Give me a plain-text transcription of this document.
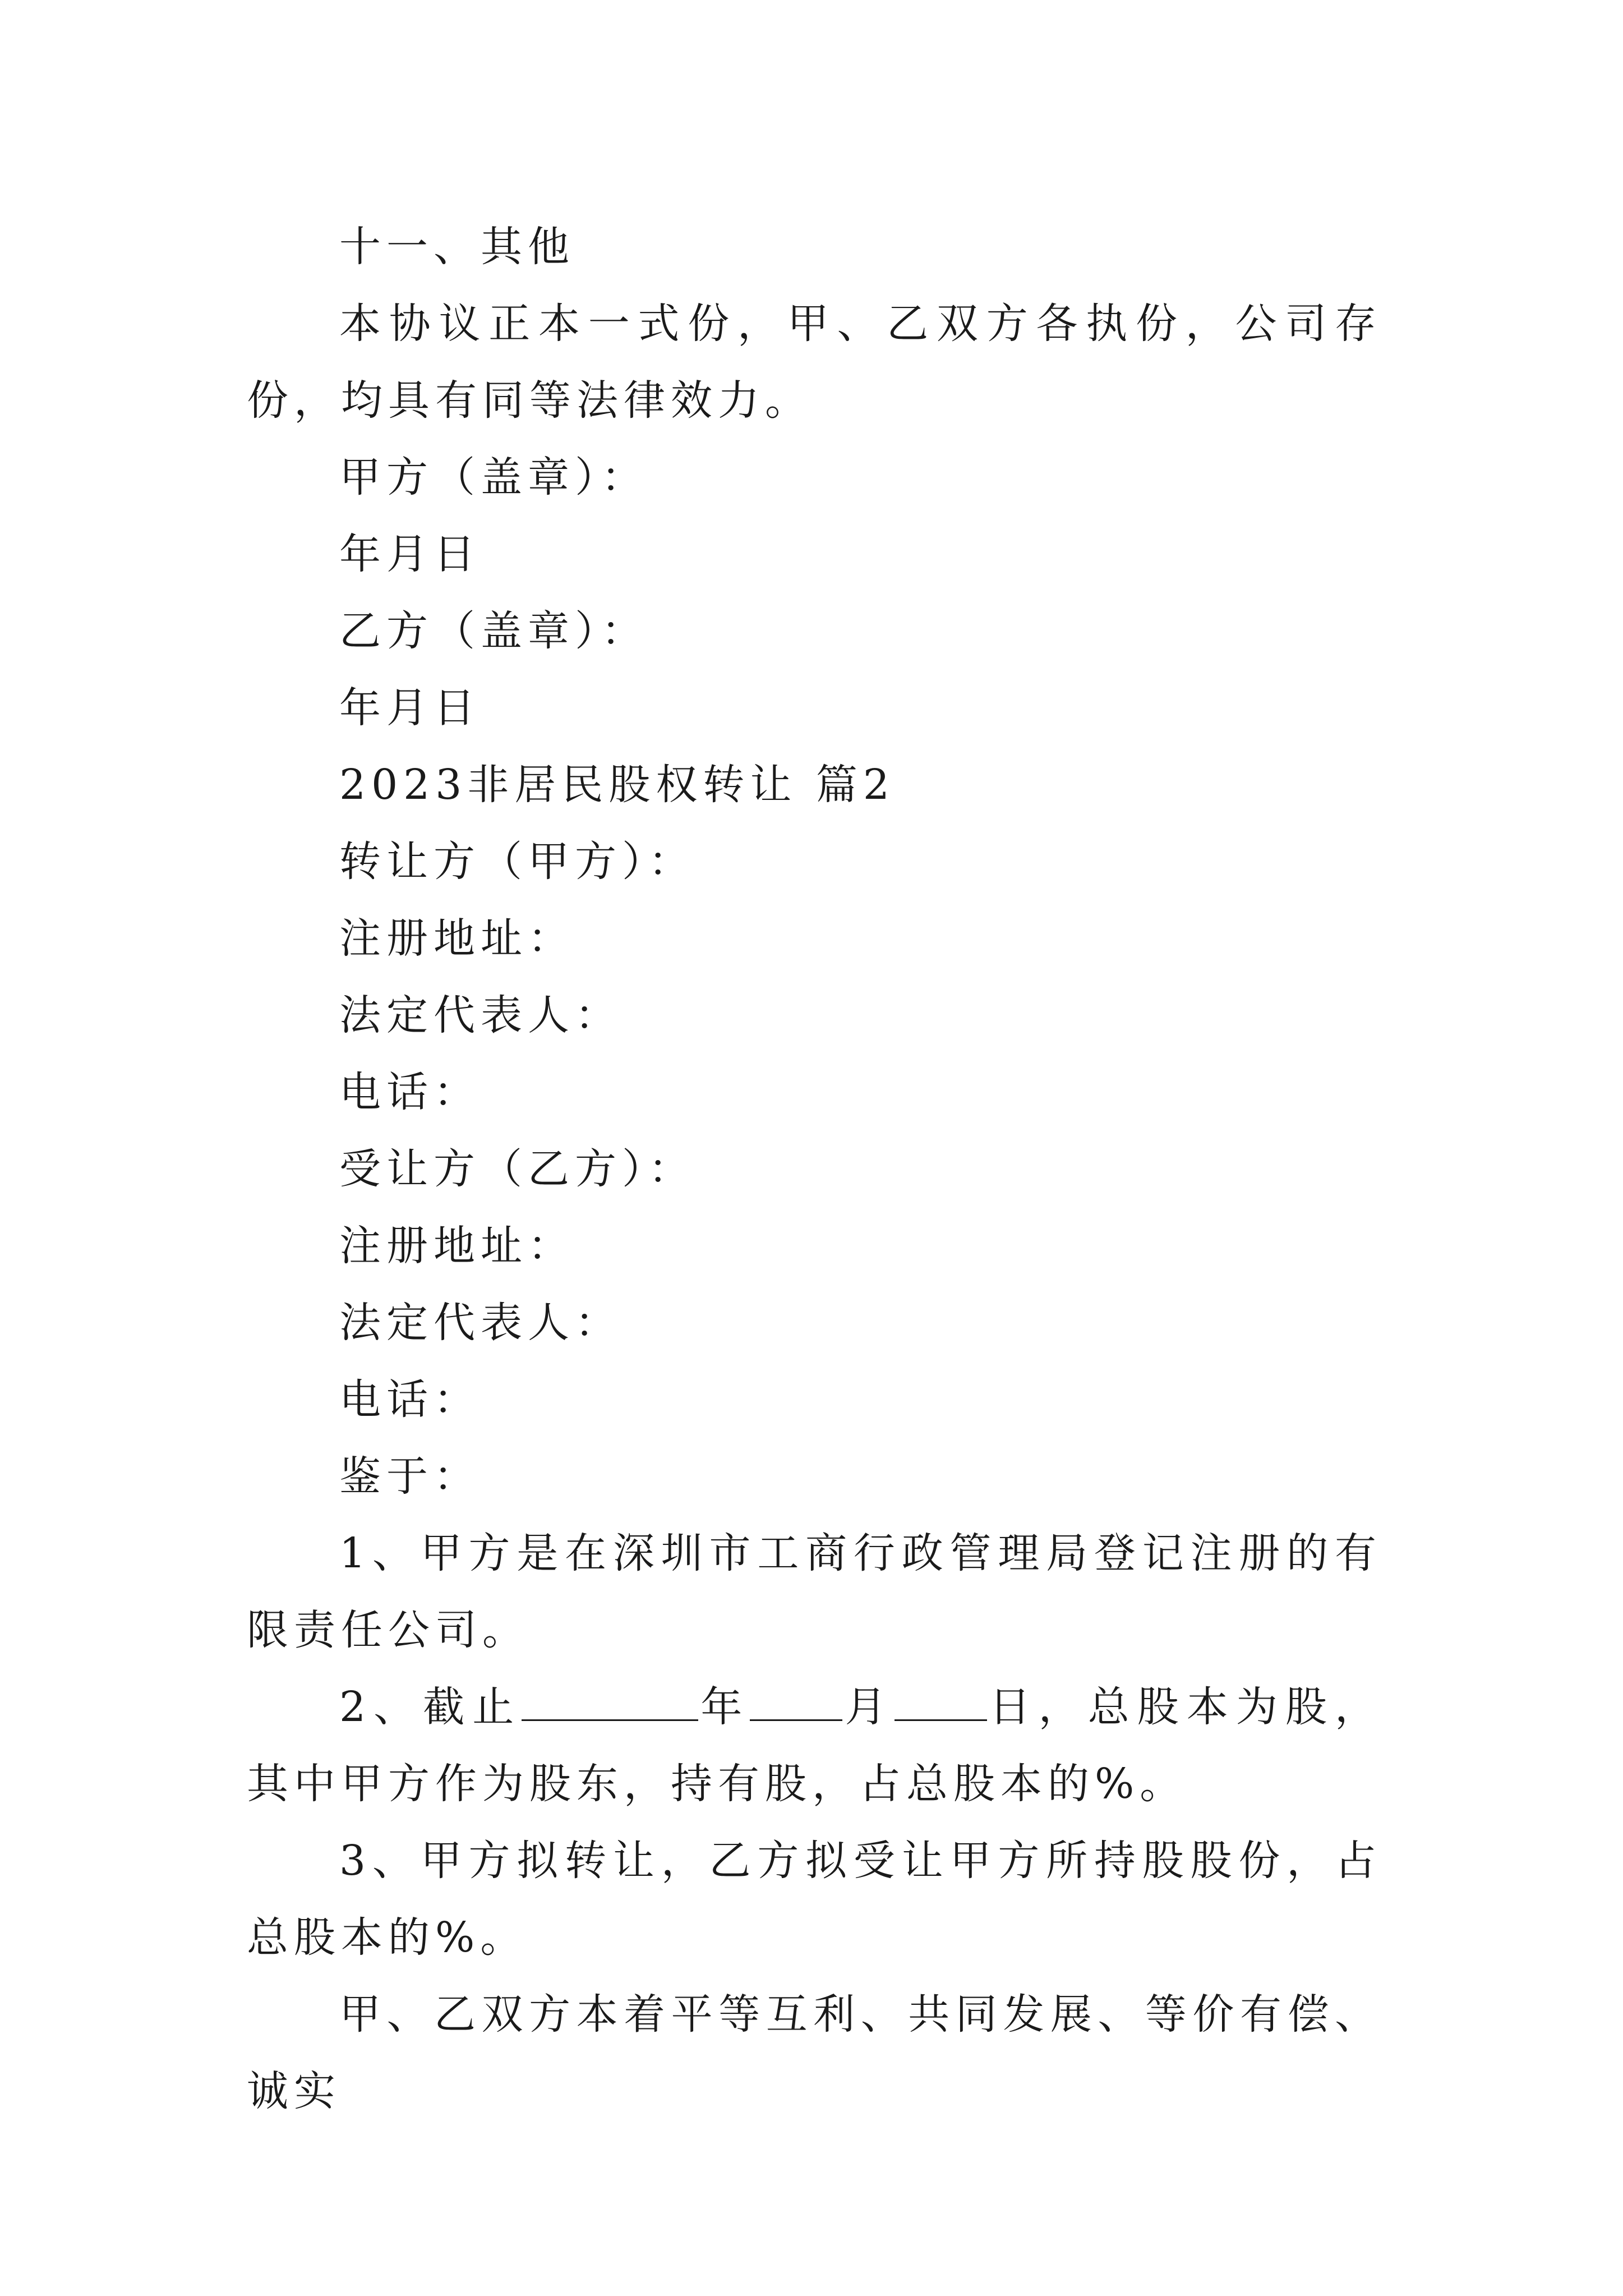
十一、其他

本协议正本一式份，甲、乙双方各执份，公司存份，均具有同等法律效力。

甲方（盖章）：

年月日

乙方（盖章）：

年月日

2023非居民股权转让 篇2

转让方（甲方）：

注册地址：

法定代表人：

电话：

受让方（乙方）：

注册地址：

法定代表人：

电话：

鉴于：

1、甲方是在深圳市工商行政管理局登记注册的有限责任公司。

2、截止	年 月 日，总股本为股，其中甲方作为股东，持有股，占总股本的%。

3、甲方拟转让，乙方拟受让甲方所持股股份，占总股本的%。

甲、乙双方本着平等互利、共同发展、等价有偿、诚实
